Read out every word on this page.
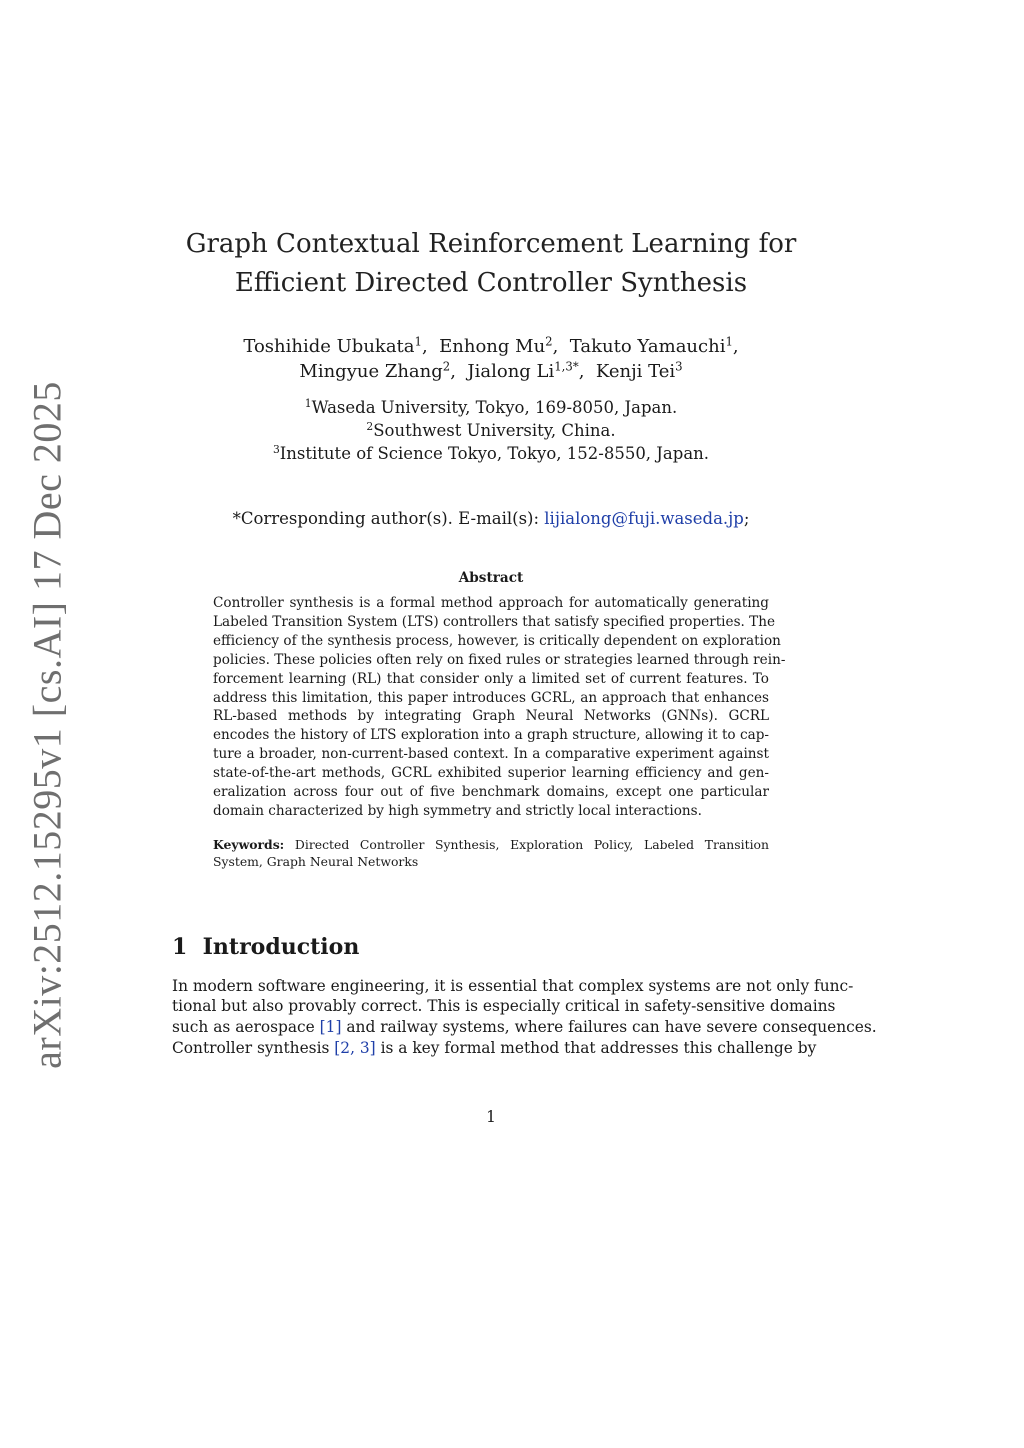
arXiv:2512.15295v1 [cs.AI] 17 Dec 2025
Graph Contextual Reinforcement Learning for
Efficient Directed Controller Synthesis
Toshihide Ubukata$^1$,  Enhong Mu$^2$,  Takuto Yamauchi$^1$,
Mingyue Zhang$^2$,  Jialong $Li^{1,3*}$,  Kenji Tei$^3$
$^1$Waseda University, Tokyo, 169-8050, Japan.
$^2$Southwest University, China.
$^3$Institute of Science Tokyo, Tokyo, 152-8550, Japan.
*Corresponding author(s). E-mail(s): lijialong@fuji.waseda.jp;
Abstract
Controller synthesis is a formal method approach for automatically generating
Labeled Transition System (LTS) controllers that satisfy specified properties. The
efficiency of the synthesis process, however, is critically dependent on exploration
policies. These policies often rely on fixed rules or strategies learned through rein-
forcement learning (RL) that consider only a limited set of current features. To
address this limitation, this paper introduces GCRL, an approach that enhances
RL-based methods by integrating Graph Neural Networks (GNNs). GCRL
encodes the history of LTS exploration into a graph structure, allowing it to cap-
ture a broader, non-current-based context. In a comparative experiment against
state-of-the-art methods, GCRL exhibited superior learning efficiency and gen-
eralization across four out of five benchmark domains, except one particular
domain characterized by high symmetry and strictly local interactions.
Keywords: Directed Controller Synthesis, Exploration Policy, Labeled Transition
System, Graph Neural Networks
1 Introduction
In modern software engineering, it is essential that complex systems are not only func-
tional but also provably correct. This is especially critical in safety-sensitive domains
such as aerospace [1] and railway systems, where failures can have severe consequences.
Controller synthesis [2, 3] is a key formal method that addresses this challenge by
1
